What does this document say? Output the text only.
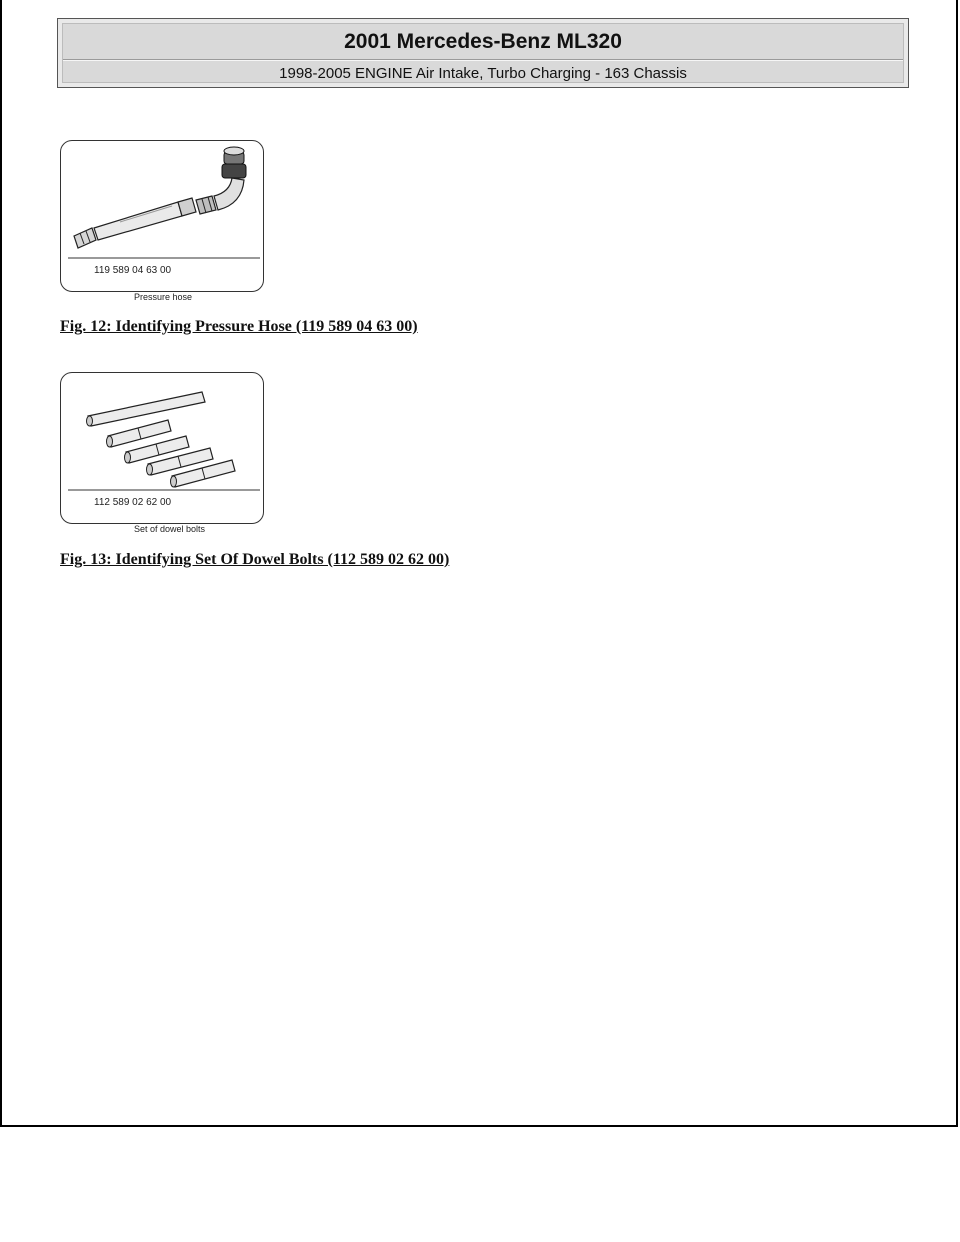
2001 Mercedes-Benz ML320
1998-2005 ENGINE Air Intake, Turbo Charging - 163 Chassis
119 589 04 63 00
Pressure hose
Fig. 12: Identifying Pressure Hose (119 589 04 63 00)
112 589 02 62 00
Set of dowel bolts
Fig. 13: Identifying Set Of Dowel Bolts (112 589 02 62 00)
